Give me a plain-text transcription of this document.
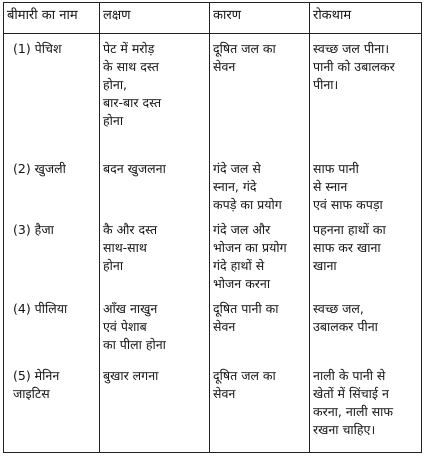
बीमारी का नाम	लक्षण	कारण	रोकथाम

(1) पेचिश	पेट में मरोड़
के साथ दस्त
होना,
बार-बार दस्त
होना	दूषित जल का
सेवन	स्वच्छ जल पीना।
पानी को उबालकर
पीना।

(2) खुजली	बदन खुजलना	गंदे जल से
स्नान, गंदे
कपड़े का प्रयोग	साफ पानी
से स्नान
एवं साफ कपड़ा

(3) हैजा	कै और दस्त
साथ-साथ
होना	गंदे जल और
भोजन का प्रयोग
गंदे हाथों से
भोजन करना	पहनना हाथों का
साफ कर खाना
खाना

(4) पीलिया	आँख नाखुन
एवं पेशाब
का पीला होना	दूषित पानी का
सेवन	स्वच्छ जल,
उबालकर पीना

(5) मेनिन
जाइटिस	बुखार लगना	दूषित जल का
सेवन	नाली के पानी से
खेतों में सिंचाई न
करना, नाली साफ
रखना चाहिए।
